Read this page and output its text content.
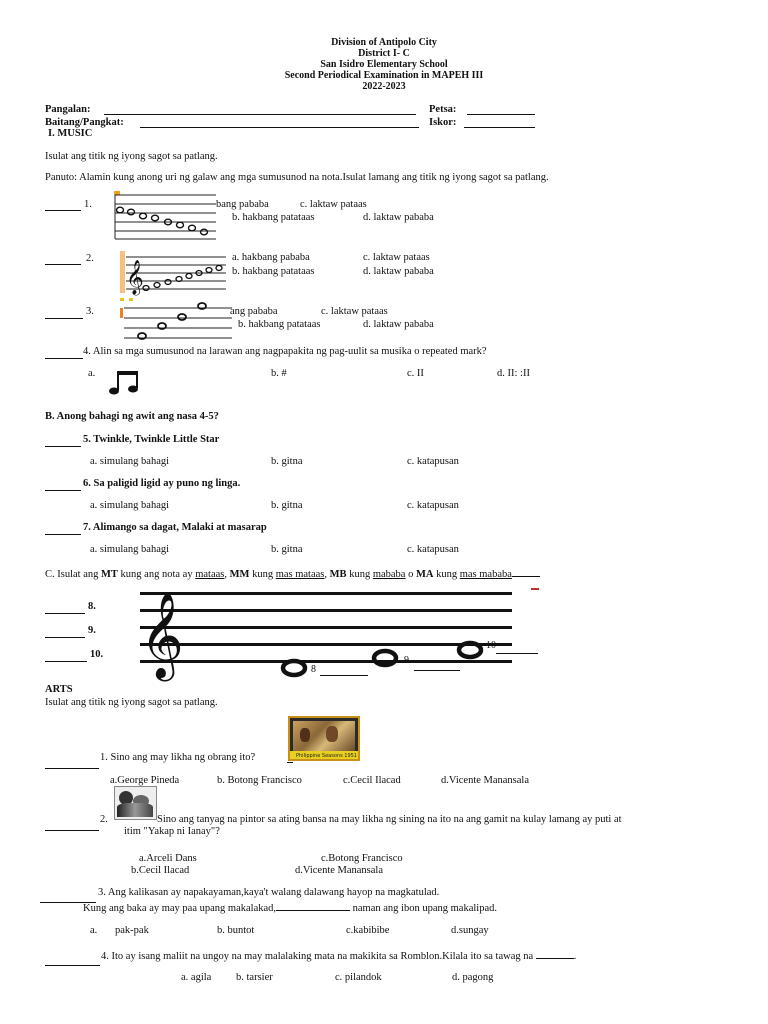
Division of Antipolo City
District I- C
San Isidro Elementary School
Second Periodical Examination in MAPEH III
2022-2023
Pangalan:	Petsa:
Baitang/Pangkat:	Iskor:
I. MUSIC
Isulat ang titik ng iyong sagot sa patlang.
Panuto: Alamin kung anong uri ng galaw ang mga sumusunod na nota.Isulat lamang ang titik ng iyong sagot sa patlang.
1.	bang pababa	c. laktaw pataas
b. hakbang patataas	d. laktaw pababa
2.
𝄞
a. hakbang pababa	c. laktaw pataas
b. hakbang patataas	d. laktaw pababa
3.	ang pababa	c. laktaw pataas
b. hakbang patataas	d. laktaw pababa
4. Alin sa mga sumusunod na larawan ang nagpapakita ng pag-uulit sa musika o repeated mark?
a.	b. #	c. II	d. II: :II
B. Anong bahagi ng awit ang nasa 4-5?
5. Twinkle, Twinkle Little Star
a. simulang bahagi	b. gitna	c. katapusan
6. Sa paligid ligid ay puno ng linga.
a. simulang bahagi	b. gitna	c. katapusan
7. Alimango sa dagat, Malaki at masarap
a. simulang bahagi	b. gitna	c. katapusan
C. Isulat ang MT kung ang nota ay mataas, MM kung mas mataas, MB kung mababa o MA kung mas mababa
8.
9.
10. 𝄞	8
9
10
ARTS
Isulat ang titik ng iyong sagot sa patlang.
Philippine Seasons 1951
1. Sino ang may likha ng obrang ito?
a.George Pineda	b. Botong Francisco	c.Cecil Ilacad	d.Vicente Manansala
2.	Sino ang tanyag na pintor sa ating bansa na may likha ng sining na ito na ang gamit na kulay lamang ay puti at
itim "Yakap ni Ianay"?
a.Arceli Dans	c.Botong Francisco
b.Cecil Ilacad	d.Vicente Manansala
3. Ang kalikasan ay napakayaman,kaya't walang dalawang hayop na magkatulad.
Kung ang baka ay may paa upang makalakad,	naman ang ibon upang makalipad.
a. pak-pak	b. buntot	c.kabibibe	d.sungay
4. Ito ay isang maliit na ungoy na may malalaking mata na makikita sa Romblon.Kilala ito sa tawag na	.
a. agila b. tarsier	c. pilandok	d. pagong
